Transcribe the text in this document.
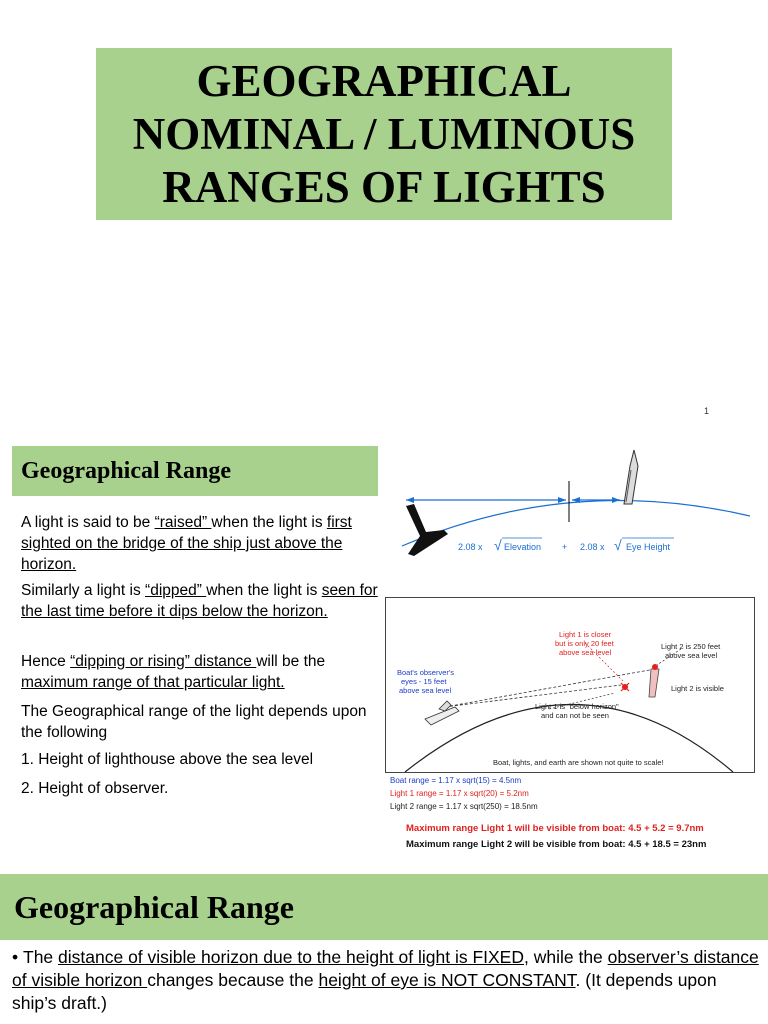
GEOGRAPHICAL
NOMINAL / LUMINOUS
RANGES OF LIGHTS
1
Geographical Range
A light is said to be “raised” when the light is first sighted on the bridge of the ship just above the horizon.
Similarly a light is “dipped” when the light is seen for the last time before it dips below the horizon.
Hence “dipping or rising” distance will be the maximum range of that particular light.
The Geographical range of the light depends upon the following
1. Height of lighthouse above the sea level
2. Height of observer.
2.08 x √ Elevation + 2.08 x √ Eye Height
Light 1 is closer
but is only 20 feet
above sea level
Light 2 is 250 feet
above sea level
Boat's observer's
eyes - 15 feet
above sea level	Light 2 is visible
Light 1 is "below horizon"
and can not be seen
Boat, lights, and earth are shown not quite to scale!
Boat range = 1.17 x sqrt(15) = 4.5nm
Light 1 range = 1.17 x sqrt(20) = 5.2nm
Light 2 range = 1.17 x sqrt(250) = 18.5nm
Maximum range Light 1 will be visible from boat: 4.5 + 5.2 = 9.7nm
Maximum range Light 2 will be visible from boat: 4.5 + 18.5 = 23nm
Geographical Range
• The distance of visible horizon due to the height of light is FIXED, while the observer’s distance of visible horizon changes because the height of eye is NOT CONSTANT. (It depends upon ship’s draft.)
